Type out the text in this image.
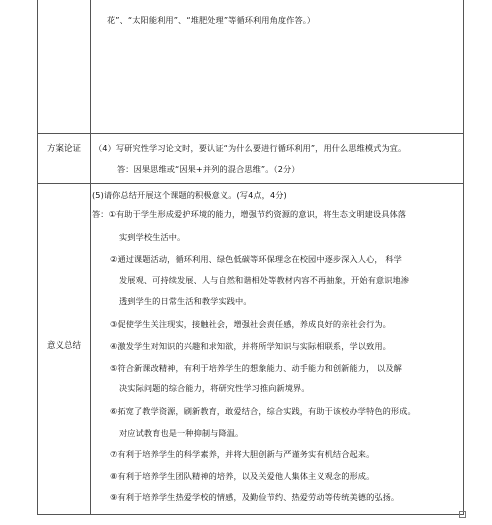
花”、“太阳能利用”、“堆肥处理”等循环利用角度作答。）
方案论证	（4）写研究性学习论文时，要认证“为什么要进行循环利用”，用什么思维模式为宜。
答：因果思维或“因果+并列的混合思维”。（2分）
意义总结
(5)请你总结开展这个课题的积极意义。(写4点，4分)
答：①有助于学生形成爱护环境的能力，增强节约资源的意识，将生态文明建设具体落
实到学校生活中。
②通过课题活动，循环利用、绿色低碳等环保理念在校园中逐步深入人心， 科学
发展观、可持续发展、人与自然和谐相处等教材内容不再抽象，开始有意识地渗
透到学生的日常生活和教学实践中。
③促使学生关注现实，接触社会，增强社会责任感，养成良好的亲社会行为。
④激发学生对知识的兴趣和求知欲，并将所学知识与实际相联系，学以致用。
⑤符合新课改精神，有利于培养学生的想象能力、动手能力和创新能力， 以及解
决实际问题的综合能力，将研究性学习推向新境界。
⑥拓宽了教学资源，刷新教育，敢爱结合，综合实践，有助于该校办学特色的形成。
对应试教育也是一种抑制与降温。
⑦有利于培养学生的科学素养，并将大胆创新与严谨务实有机结合起来。
⑧有利于培养学生团队精神的培养，以及关爱他人集体主义观念的形成。
⑨有利于培养学生热爱学校的情感，及勤俭节约、热爱劳动等传统美德的弘扬。
